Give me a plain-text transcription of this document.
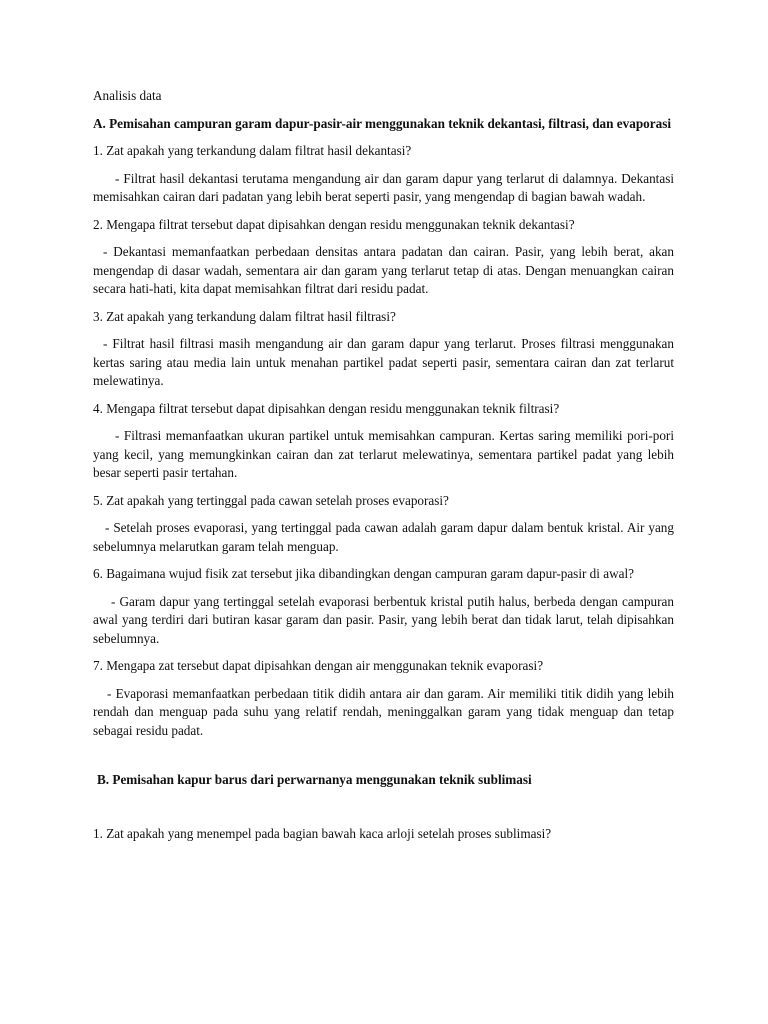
Analisis data

A. Pemisahan campuran garam dapur-pasir-air menggunakan teknik dekantasi, filtrasi, dan evaporasi

1. Zat apakah yang terkandung dalam filtrat hasil dekantasi?

- Filtrat hasil dekantasi terutama mengandung air dan garam dapur yang terlarut di dalamnya. Dekantasi memisahkan cairan dari padatan yang lebih berat seperti pasir, yang mengendap di bagian bawah wadah.

2. Mengapa filtrat tersebut dapat dipisahkan dengan residu menggunakan teknik dekantasi?

- Dekantasi memanfaatkan perbedaan densitas antara padatan dan cairan. Pasir, yang lebih berat, akan mengendap di dasar wadah, sementara air dan garam yang terlarut tetap di atas. Dengan menuangkan cairan secara hati-hati, kita dapat memisahkan filtrat dari residu padat.

3. Zat apakah yang terkandung dalam filtrat hasil filtrasi?

- Filtrat hasil filtrasi masih mengandung air dan garam dapur yang terlarut. Proses filtrasi menggunakan kertas saring atau media lain untuk menahan partikel padat seperti pasir, sementara cairan dan zat terlarut melewatinya.

4. Mengapa filtrat tersebut dapat dipisahkan dengan residu menggunakan teknik filtrasi?

- Filtrasi memanfaatkan ukuran partikel untuk memisahkan campuran. Kertas saring memiliki pori-pori yang kecil, yang memungkinkan cairan dan zat terlarut melewatinya, sementara partikel padat yang lebih besar seperti pasir tertahan.

5. Zat apakah yang tertinggal pada cawan setelah proses evaporasi?

- Setelah proses evaporasi, yang tertinggal pada cawan adalah garam dapur dalam bentuk kristal. Air yang sebelumnya melarutkan garam telah menguap.

6. Bagaimana wujud fisik zat tersebut jika dibandingkan dengan campuran garam dapur-pasir di awal?

- Garam dapur yang tertinggal setelah evaporasi berbentuk kristal putih halus, berbeda dengan campuran awal yang terdiri dari butiran kasar garam dan pasir. Pasir, yang lebih berat dan tidak larut, telah dipisahkan sebelumnya.

7. Mengapa zat tersebut dapat dipisahkan dengan air menggunakan teknik evaporasi?

- Evaporasi memanfaatkan perbedaan titik didih antara air dan garam. Air memiliki titik didih yang lebih rendah dan menguap pada suhu yang relatif rendah, meninggalkan garam yang tidak menguap dan tetap sebagai residu padat.

B. Pemisahan kapur barus dari perwarnanya menggunakan teknik sublimasi

1. Zat apakah yang menempel pada bagian bawah kaca arloji setelah proses sublimasi?
